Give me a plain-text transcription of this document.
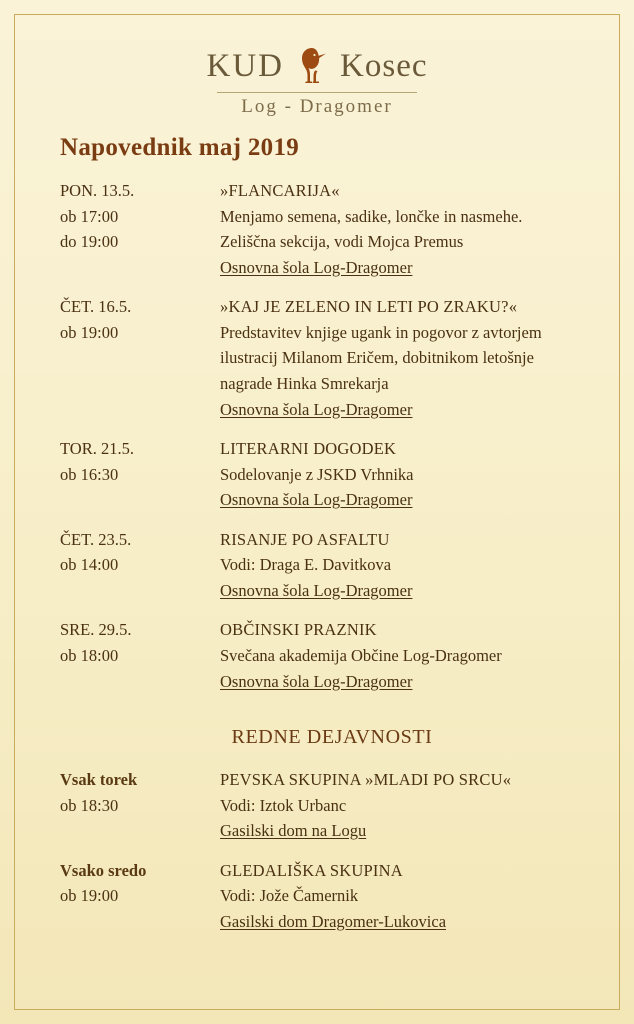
KUD Kosec
Log - Dragomer
Napovednik maj 2019
PON. 13.5.
ob 17:00
do 19:00
»FLANCARIJA«
Menjamo semena, sadike, lončke in nasmehe.
Zeliščna sekcija, vodi Mojca Premus
Osnovna šola Log-Dragomer
ČET. 16.5.
ob 19:00
»KAJ JE ZELENO IN LETI PO ZRAKU?«
Predstavitev knjige ugank in pogovor z avtorjem
ilustracij Milanom Eričem, dobitnikom letošnje
nagrade Hinka Smrekarja
Osnovna šola Log-Dragomer
TOR. 21.5.
ob 16:30
LITERARNI DOGODEK
Sodelovanje z JSKD Vrhnika
Osnovna šola Log-Dragomer
ČET. 23.5.
ob 14:00
RISANJE PO ASFALTU
Vodi: Draga E. Davitkova
Osnovna šola Log-Dragomer
SRE. 29.5.
ob 18:00
OBČINSKI PRAZNIK
Svečana akademija Občine Log-Dragomer
Osnovna šola Log-Dragomer
REDNE DEJAVNOSTI
Vsak torek
ob 18:30
PEVSKA SKUPINA »MLADI PO SRCU«
Vodi: Iztok Urbanc
Gasilski dom na Logu
Vsako sredo
ob 19:00
GLEDALIŠKA SKUPINA
Vodi: Jože Čamernik
Gasilski dom Dragomer-Lukovica
